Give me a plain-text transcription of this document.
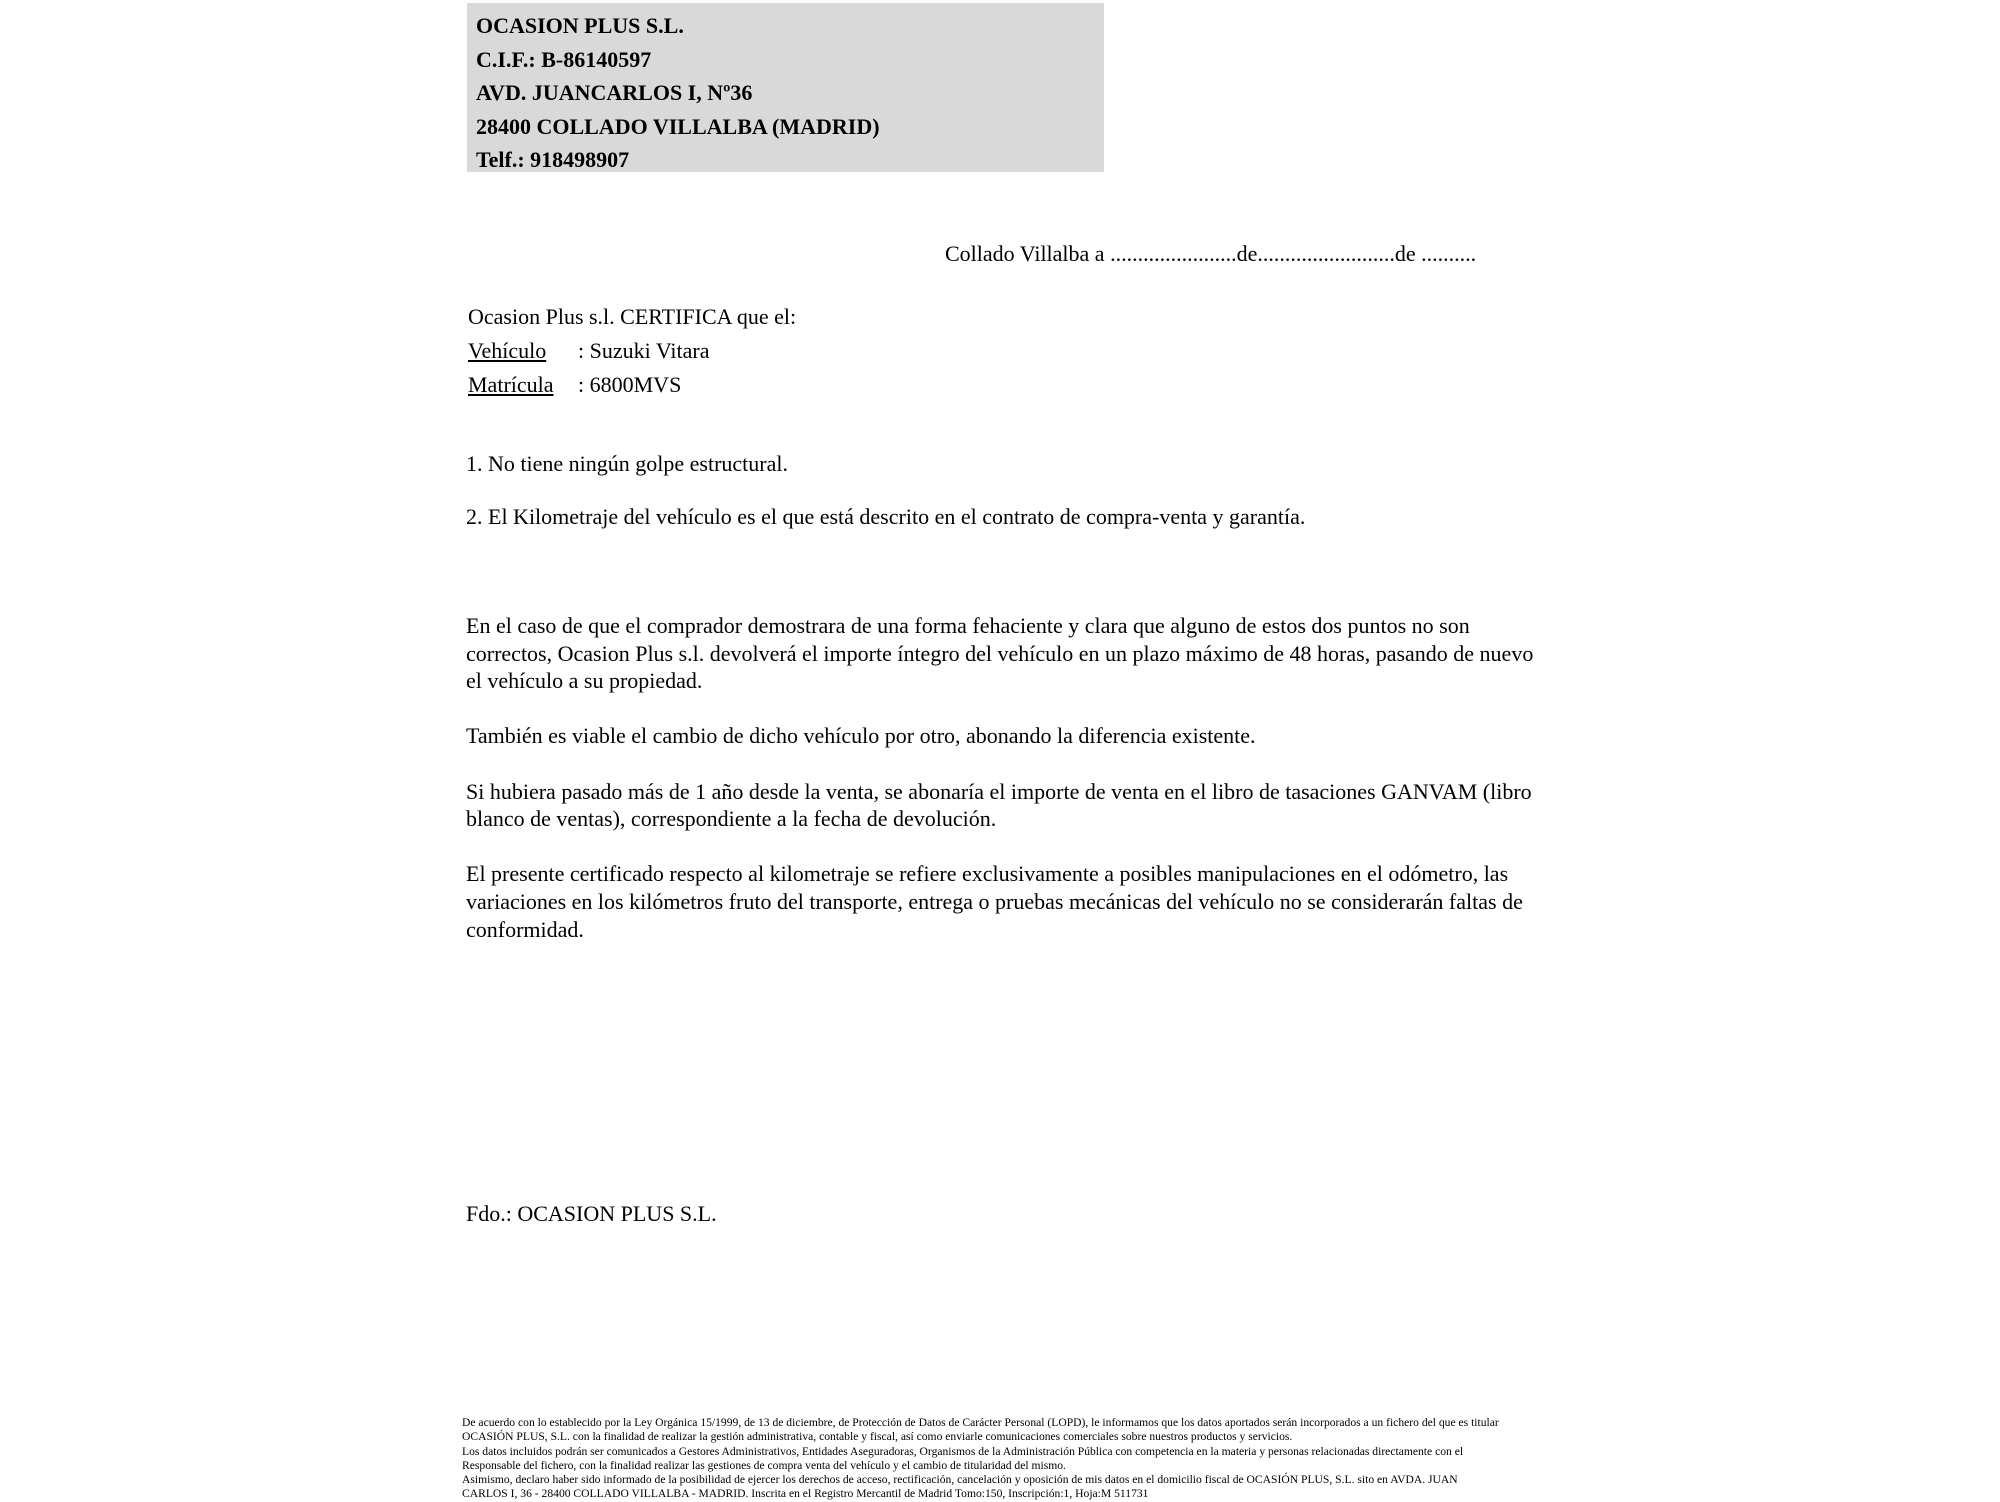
OCASION PLUS S.L.
C.I.F.: B-86140597
AVD. JUANCARLOS I, Nº36
28400 COLLADO VILLALBA (MADRID)
Telf.: 918498907
Collado Villalba a .......................de.........................de ..........
Ocasion Plus s.l. CERTIFICA que el:
Vehículo : Suzuki Vitara
Matrícula : 6800MVS
1. No tiene ningún golpe estructural.
2. El Kilometraje del vehículo es el que está descrito en el contrato de compra-venta y garantía.

En el caso de que el comprador demostrara de una forma fehaciente y clara que alguno de estos dos puntos no son correctos, Ocasion Plus s.l. devolverá el importe íntegro del vehículo en un plazo máximo de 48 horas, pasando de nuevo el vehículo a su propiedad.

También es viable el cambio de dicho vehículo por otro, abonando la diferencia existente.

Si hubiera pasado más de 1 año desde la venta, se abonaría el importe de venta en el libro de tasaciones GANVAM (libro blanco de ventas), correspondiente a la fecha de devolución.

El presente certificado respecto al kilometraje se refiere exclusivamente a posibles manipulaciones en el odómetro, las variaciones en los kilómetros fruto del transporte, entrega o pruebas mecánicas del vehículo no se considerarán faltas de conformidad.

Fdo.: OCASION PLUS S.L.
De acuerdo con lo establecido por la Ley Orgánica 15/1999, de 13 de diciembre, de Protección de Datos de Carácter Personal (LOPD), le informamos que los datos aportados serán incorporados a un fichero del que es titular
OCASIÓN PLUS, S.L. con la finalidad de realizar la gestión administrativa, contable y fiscal, así como enviarle comunicaciones comerciales sobre nuestros productos y servicios.
Los datos incluidos podrán ser comunicados a Gestores Administrativos, Entidades Aseguradoras, Organismos de la Administración Pública con competencia en la materia y personas relacionadas directamente con el
Responsable del fichero, con la finalidad realizar las gestiones de compra venta del vehículo y el cambio de titularidad del mismo.
Asimismo, declaro haber sido informado de la posibilidad de ejercer los derechos de acceso, rectificación, cancelación y oposición de mis datos en el domicilio fiscal de OCASIÓN PLUS, S.L. sito en AVDA. JUAN
CARLOS I, 36 - 28400 COLLADO VILLALBA - MADRID. Inscrita en el Registro Mercantil de Madrid Tomo:150, Inscripción:1, Hoja:M 511731
